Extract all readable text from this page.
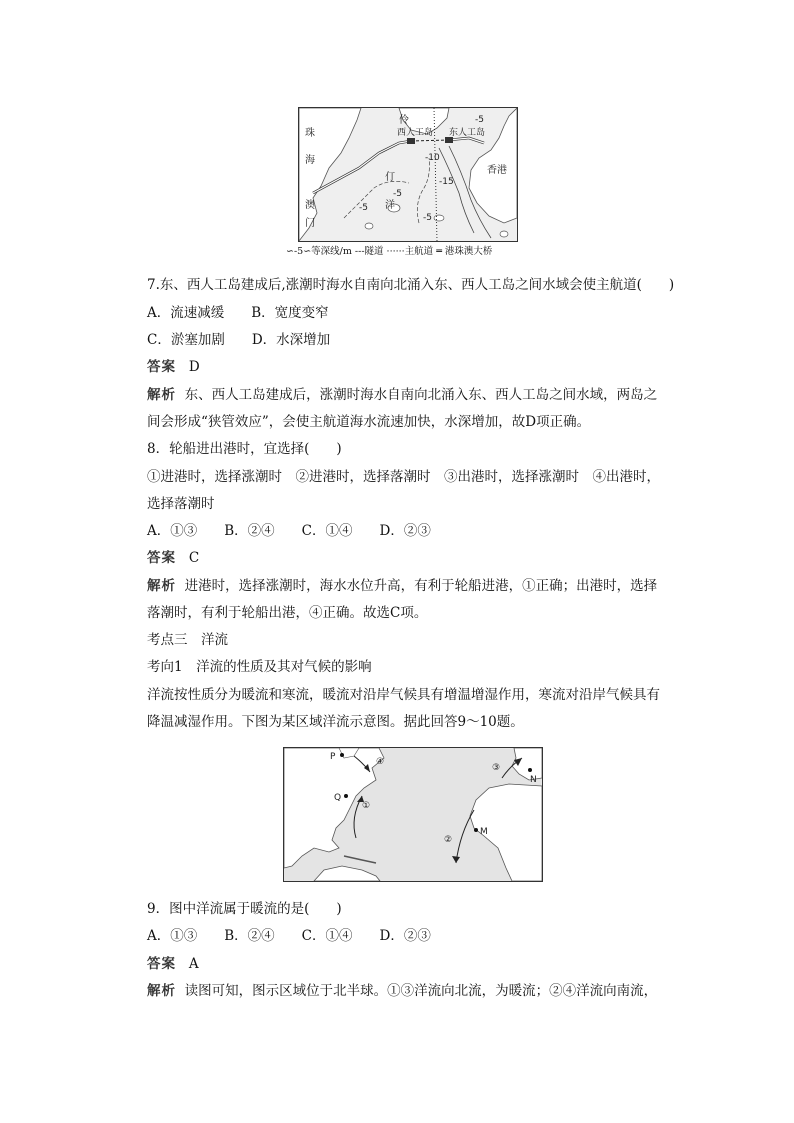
珠
海
澳
门
伶
仃
洋
西人工岛 东人工岛
香港
-5
-5
-5
-5
-10
-15
∽-5∽等深线/m ---隧道 ······主航道 ═ 港珠澳大桥
7.东、西人工岛建成后,涨潮时海水自南向北涌入东、西人工岛之间水域会使主航道(　　)
A．流速减缓　　B．宽度变窄
C．淤塞加剧　　D．水深增加
答案 D
解析 东、西人工岛建成后，涨潮时海水自南向北涌入东、西人工岛之间水域，两岛之
间会形成“狭管效应”，会使主航道海水流速加快，水深增加，故D项正确。
8．轮船进出港时，宜选择(　　)
①进港时，选择涨潮时　②进港时，选择落潮时　③出港时，选择涨潮时　④出港时，
选择落潮时
A．①③　　B．②④　　C．①④　　D．②③
答案 C
解析 进港时，选择涨潮时，海水水位升高，有利于轮船进港，①正确；出港时，选择
落潮时，有利于轮船出港，④正确。故选C项。
考点三　洋流
考向1　洋流的性质及其对气候的影响
洋流按性质分为暖流和寒流，暖流对沿岸气候具有增温增湿作用，寒流对沿岸气候具有
降温减湿作用。下图为某区域洋流示意图。据此回答9～10题。
P
Q
M
N
①
②
③
④
9．图中洋流属于暖流的是(　　)
A．①③　　B．②④　　C．①④　　D．②③
答案 A
解析 读图可知，图示区域位于北半球。①③洋流向北流，为暖流；②④洋流向南流，
